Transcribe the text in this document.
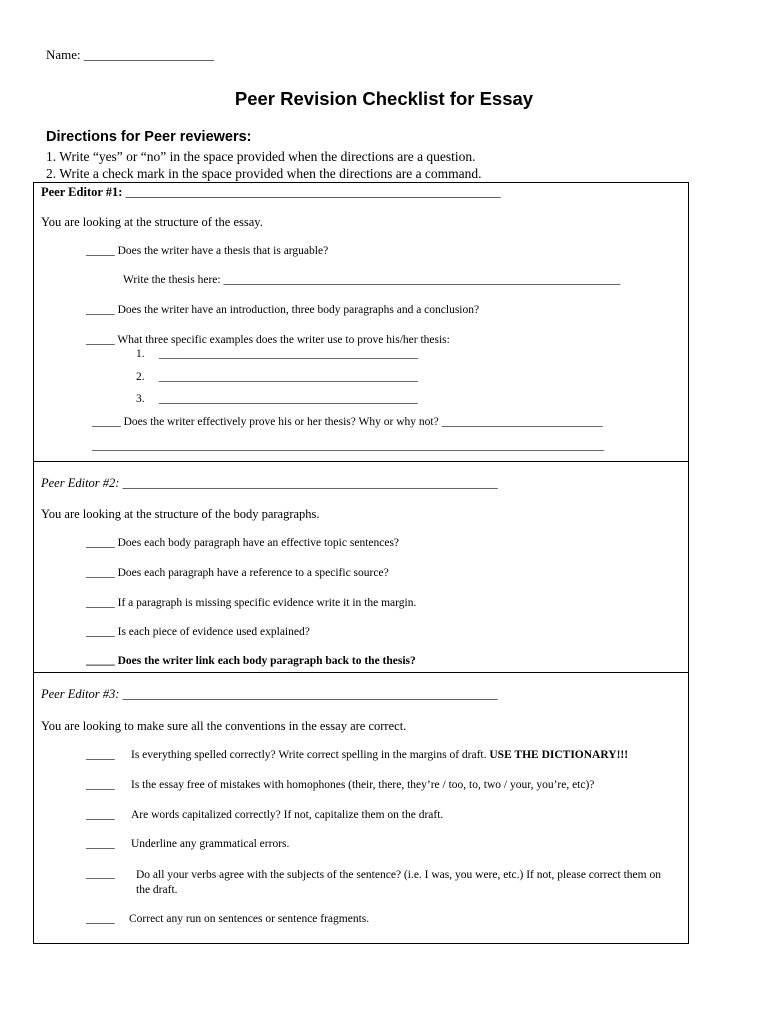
Name: ____________________
Peer Revision Checklist for Essay
Directions for Peer reviewers:
1. Write “yes” or “no” in the space provided when the directions are a question.
2. Write a check mark in the space provided when the directions are a command.
Peer Editor #1: ____________________________________________________________
You are looking at the structure of the essay.
_____ Does the writer have a thesis that is arguable?
Write the thesis here: _____________________________________________________________________
_____ Does the writer have an introduction, three body paragraphs and a conclusion?
_____ What three specific examples does the writer use to prove his/her thesis:
1. _____________________________________________
2. _____________________________________________
3. _____________________________________________
_____ Does the writer effectively prove his or her thesis? Why or why not? ____________________________
_________________________________________________________________________________________
Peer Editor #2: ____________________________________________________________
You are looking at the structure of the body paragraphs.
_____ Does each body paragraph have an effective topic sentences?
_____ Does each paragraph have a reference to a specific source?
_____ If a paragraph is missing specific evidence write it in the margin.
_____ Is each piece of evidence used explained?
_____ Does the writer link each body paragraph back to the thesis?
Peer Editor #3: ____________________________________________________________
You are looking to make sure all the conventions in the essay are correct.
_____ Is everything spelled correctly? Write correct spelling in the margins of draft. USE THE DICTIONARY!!!
_____ Is the essay free of mistakes with homophones (their, there, they’re / too, to, two / your, you’re, etc)?
_____ Are words capitalized correctly? If not, capitalize them on the draft.
_____ Underline any grammatical errors.
_____ Do all your verbs agree with the subjects of the sentence? (i.e. I was, you were, etc.) If not, please correct them on the draft.
_____ Correct any run on sentences or sentence fragments.
